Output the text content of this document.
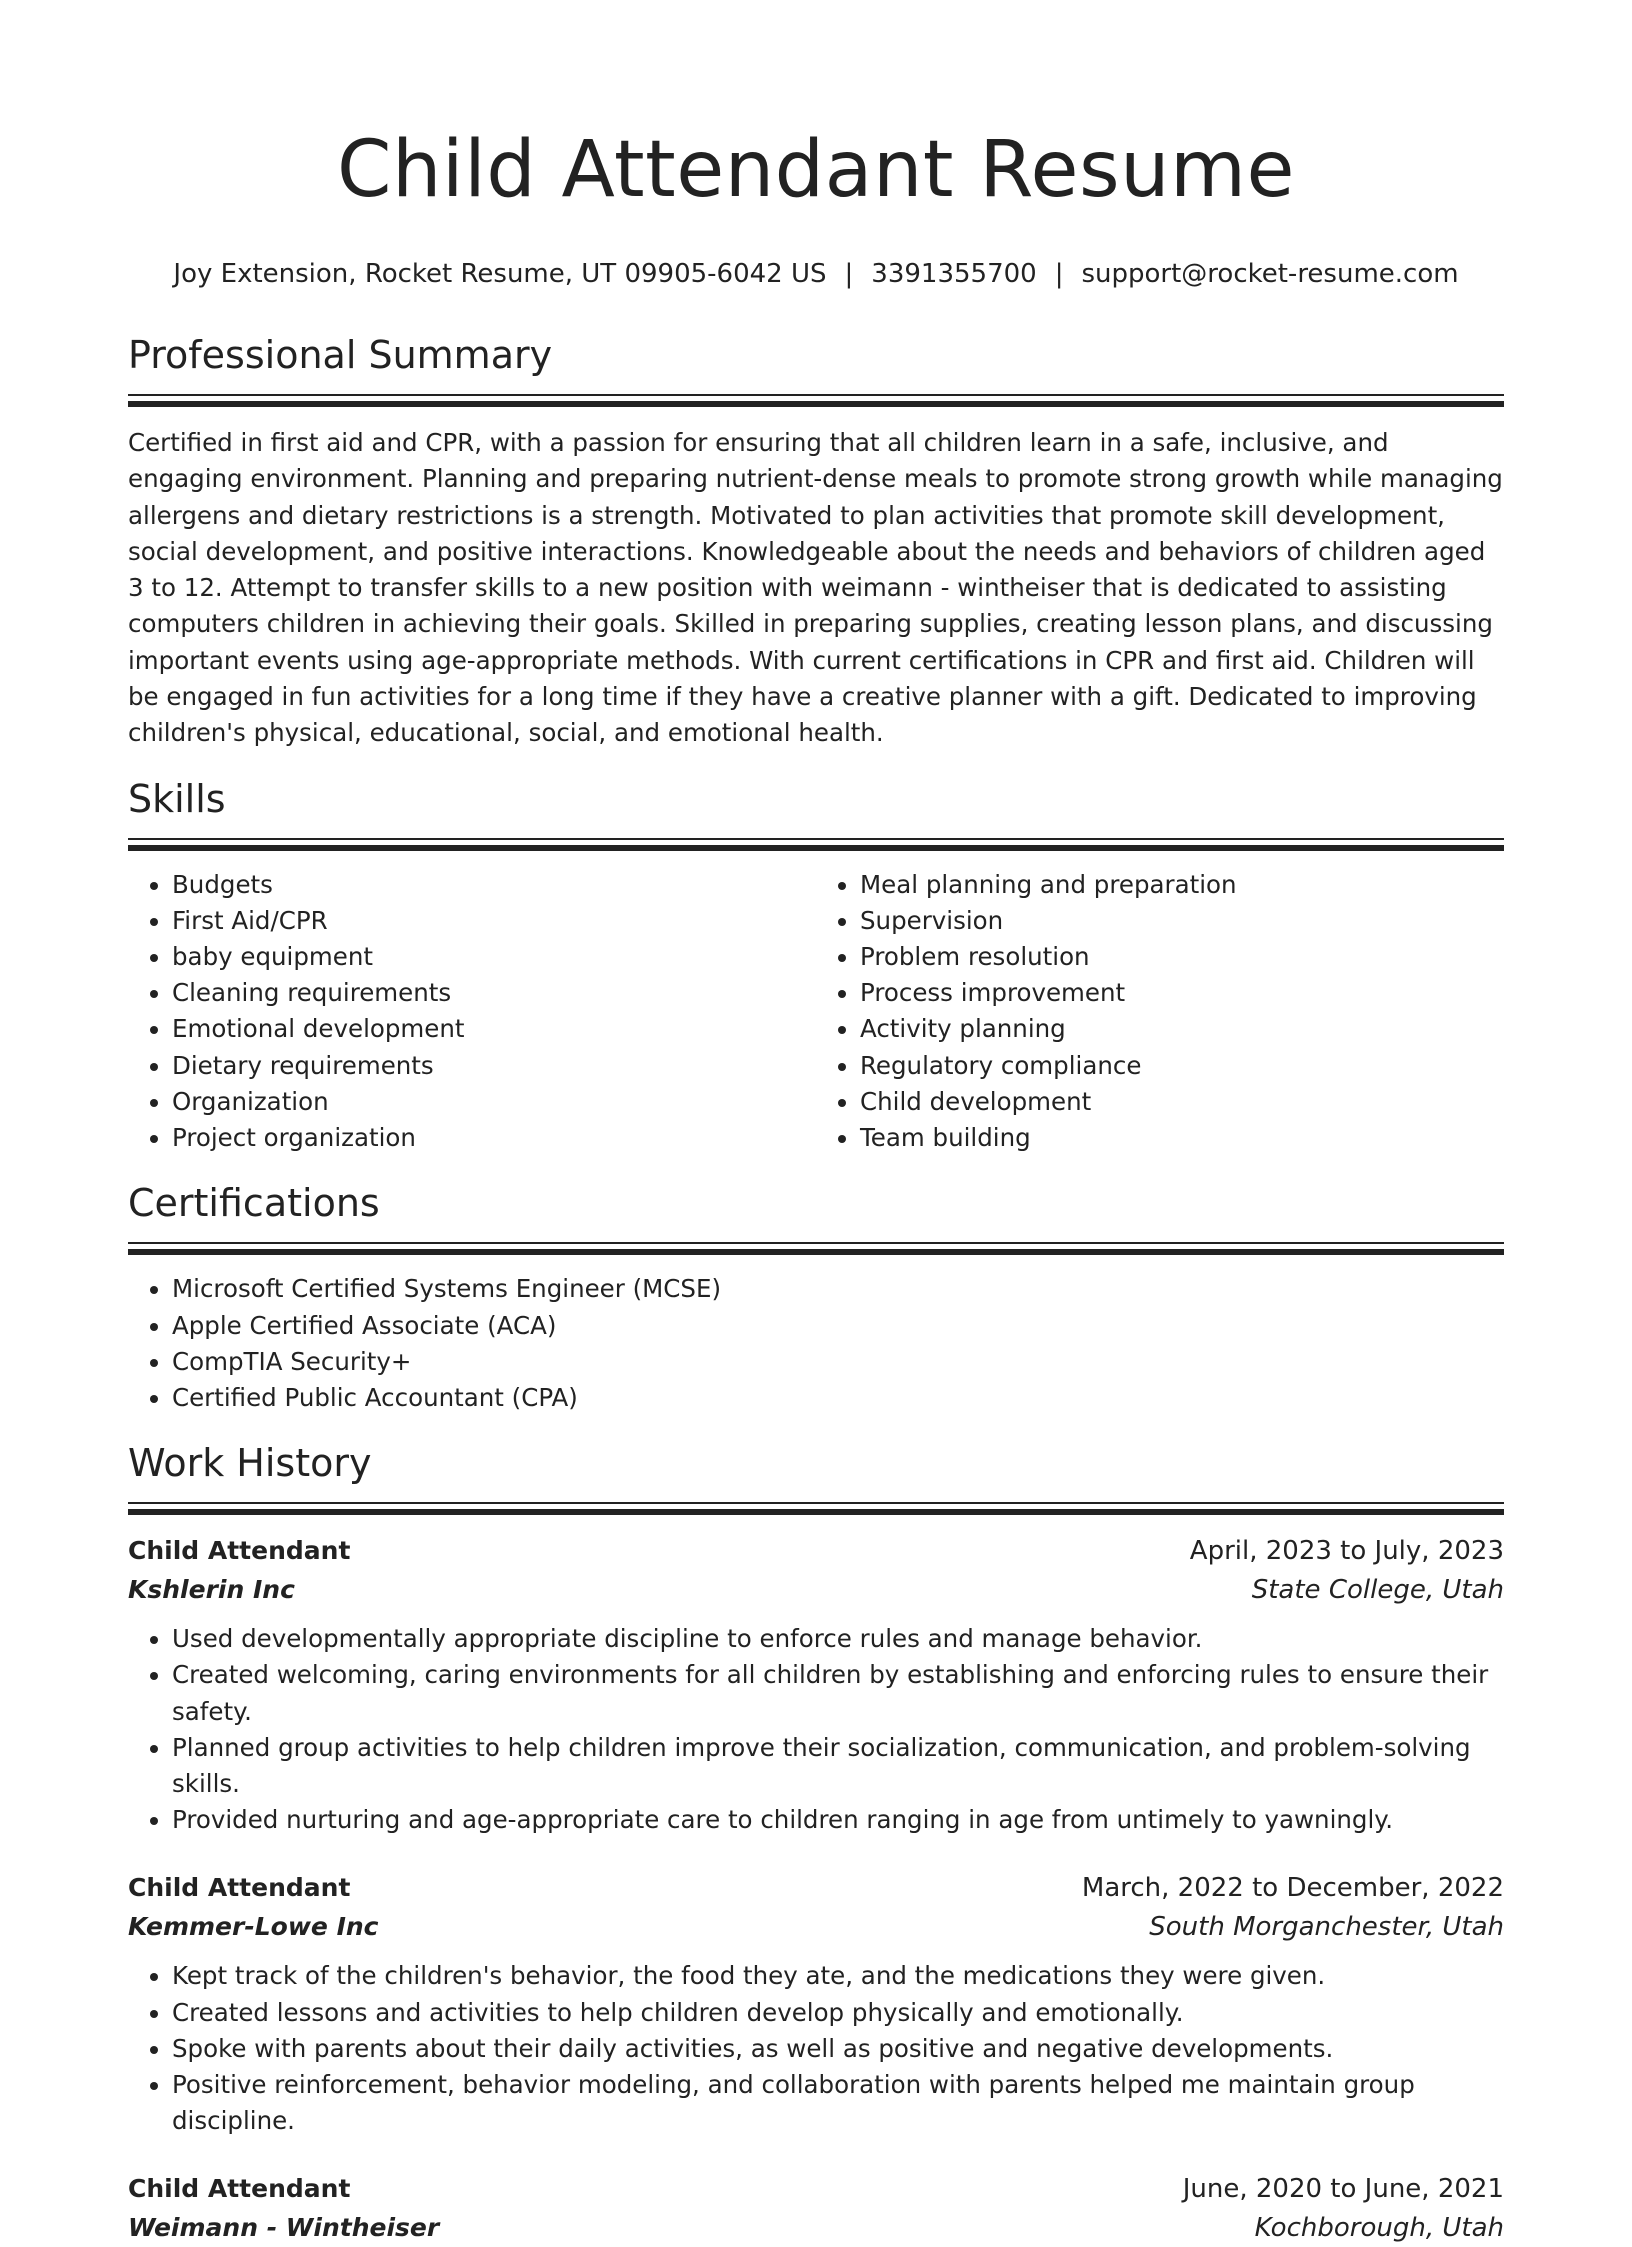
Child Attendant Resume
Joy Extension, Rocket Resume, UT 09905-6042 US | 3391355700 | support@rocket-resume.com
Professional Summary

Certified in first aid and CPR, with a passion for ensuring that all children learn in a safe, inclusive, and engaging environment. Planning and preparing nutrient-dense meals to promote strong growth while managing allergens and dietary restrictions is a strength. Motivated to plan activities that promote skill development, social development, and positive interactions. Knowledgeable about the needs and behaviors of children aged 3 to 12. Attempt to transfer skills to a new position with weimann - wintheiser that is dedicated to assisting computers children in achieving their goals. Skilled in preparing supplies, creating lesson plans, and discussing important events using age-appropriate methods. With current certifications in CPR and first aid. Children will be engaged in fun activities for a long time if they have a creative planner with a gift. Dedicated to improving children's physical, educational, social, and emotional health.

Skills
• Budgets
• First Aid/CPR
• baby equipment
• Cleaning requirements
• Emotional development
• Dietary requirements
• Organization
• Project organization
• Meal planning and preparation
• Supervision
• Problem resolution
• Process improvement
• Activity planning
• Regulatory compliance
• Child development
• Team building
Certifications
• Microsoft Certified Systems Engineer (MCSE)
• Apple Certified Associate (ACA)
• CompTIA Security+
• Certified Public Accountant (CPA)
Work History
Child Attendant	April, 2023 to July, 2023
Kshlerin Inc	State College, Utah
• Used developmentally appropriate discipline to enforce rules and manage behavior.
• Created welcoming, caring environments for all children by establishing and enforcing rules to ensure their safety.
• Planned group activities to help children improve their socialization, communication, and problem-solving skills.
• Provided nurturing and age-appropriate care to children ranging in age from untimely to yawningly.
Child Attendant	March, 2022 to December, 2022
Kemmer-Lowe Inc	South Morganchester, Utah
• Kept track of the children's behavior, the food they ate, and the medications they were given.
• Created lessons and activities to help children develop physically and emotionally.
• Spoke with parents about their daily activities, as well as positive and negative developments.
• Positive reinforcement, behavior modeling, and collaboration with parents helped me maintain group discipline.
Child Attendant	June, 2020 to June, 2021
Weimann - Wintheiser	Kochborough, Utah
